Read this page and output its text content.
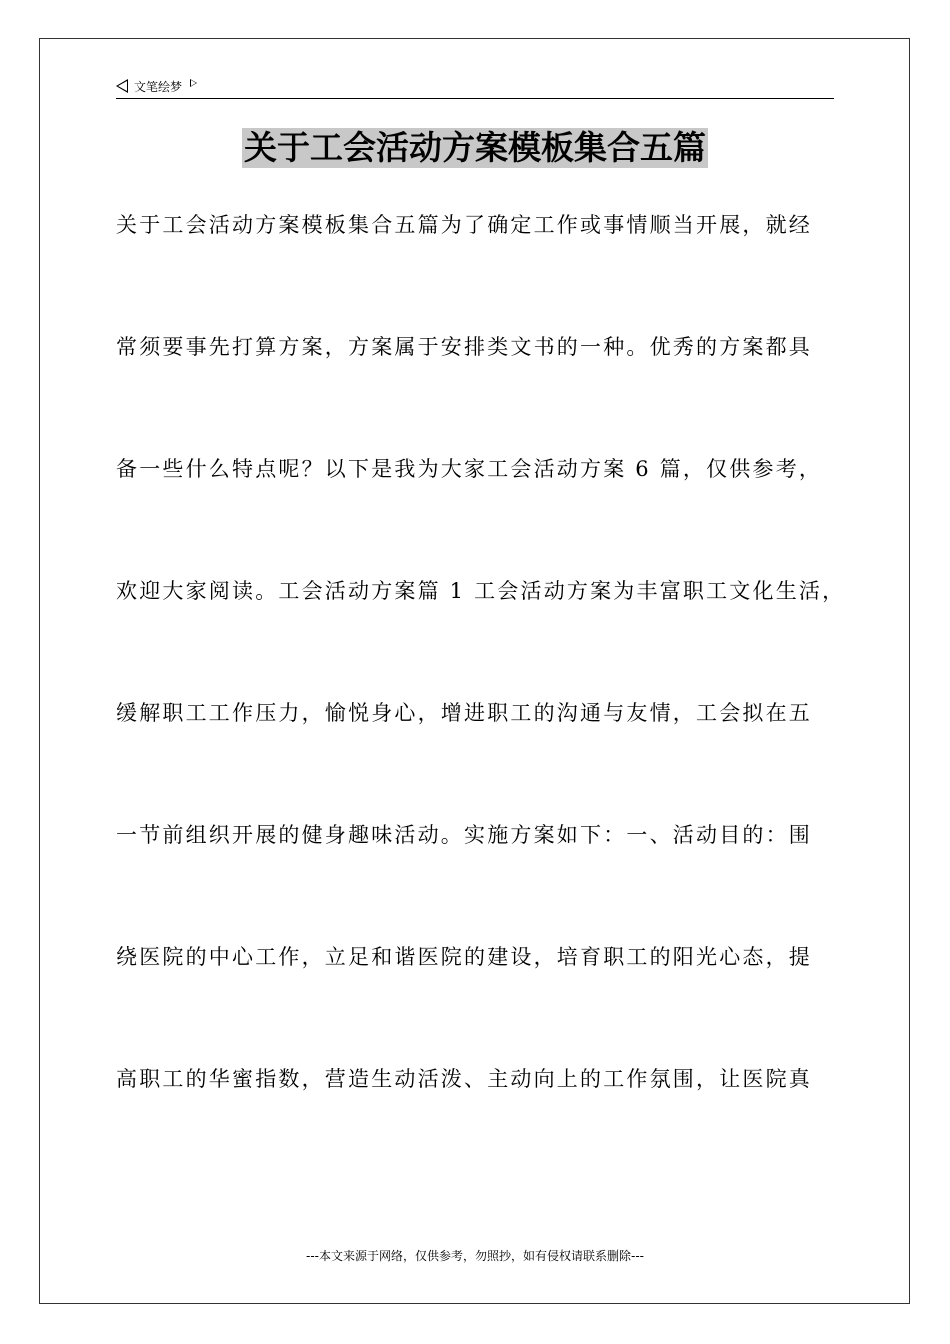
文笔绘梦
关于工会活动方案模板集合五篇
关于工会活动方案模板集合五篇为了确定工作或事情顺当开展，就经
常须要事先打算方案，方案属于安排类文书的一种。优秀的方案都具
备一些什么特点呢？以下是我为大家工会活动方案 6 篇，仅供参考，
欢迎大家阅读。工会活动方案篇 1 工会活动方案为丰富职工文化生活，
缓解职工工作压力，愉悦身心，增进职工的沟通与友情，工会拟在五
一节前组织开展的健身趣味活动。实施方案如下：一、活动目的：围
绕医院的中心工作，立足和谐医院的建设，培育职工的阳光心态，提
高职工的华蜜指数，营造生动活泼、主动向上的工作氛围，让医院真
---本文来源于网络，仅供参考，勿照抄，如有侵权请联系删除---
